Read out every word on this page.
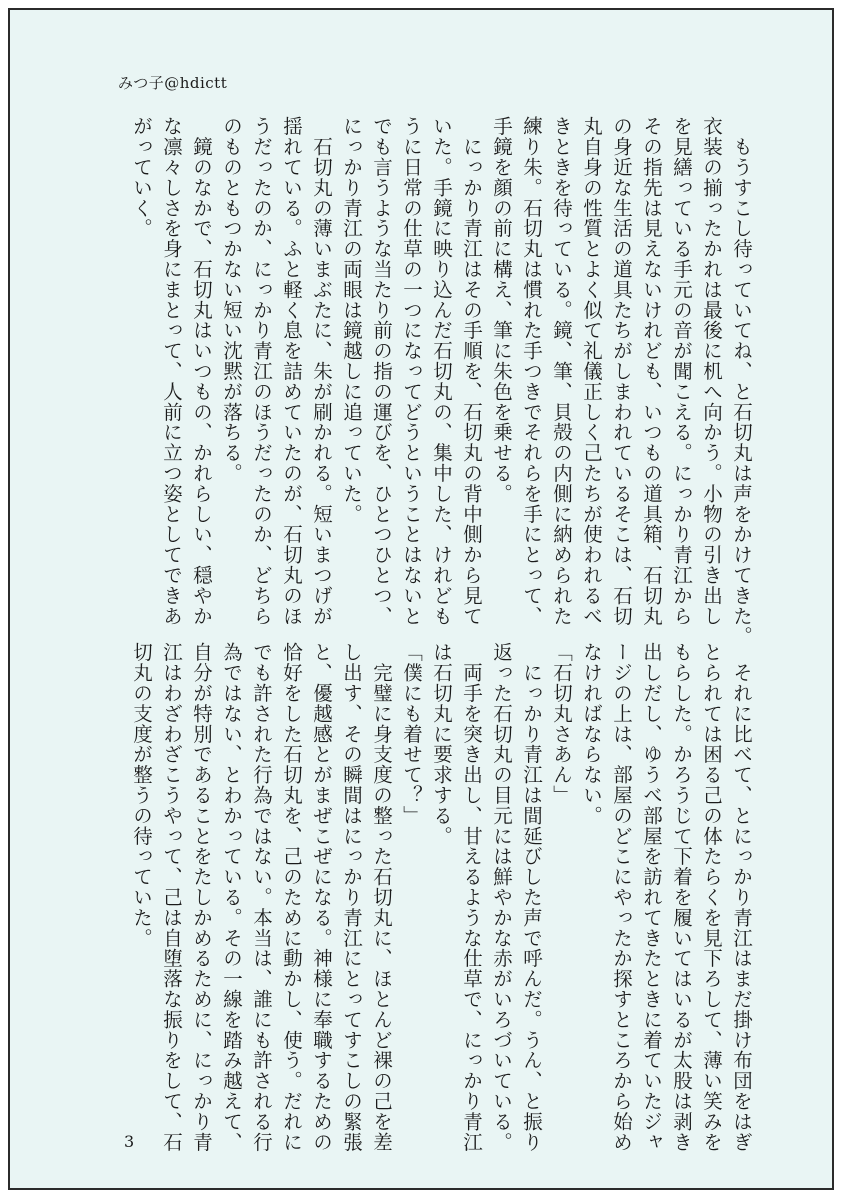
みつ子@hdictt

　もうすこし待っていてね、と石切丸は声をかけてきた。

衣装の揃ったかれは最後に机へ向かう。小物の引き出し

を見繕っている手元の音が聞こえる。にっかり青江から

その指先は見えないけれども、いつもの道具箱、石切丸

の身近な生活の道具たちがしまわれているそこは、石切

丸自身の性質とよく似て礼儀正しく己たちが使われるべ

きときを待っている。鏡、筆、貝殻の内側に納められた

練り朱。石切丸は慣れた手つきでそれらを手にとって、

手鏡を顔の前に構え、筆に朱色を乗せる。

　にっかり青江はその手順を、石切丸の背中側から見て

いた。手鏡に映り込んだ石切丸の、集中した、けれども

うに日常の仕草の一つになってどうということはないと

でも言うような当たり前の指の運びを、ひとつひとつ、

にっかり青江の両眼は鏡越しに追っていた。

　石切丸の薄いまぶたに、朱が刷かれる。短いまつげが

揺れている。ふと軽く息を詰めていたのが、石切丸のほ

うだったのか、にっかり青江のほうだったのか、どちら

のものともつかない短い沈黙が落ちる。

　鏡のなかで、石切丸はいつもの、かれらしい、穏やか

な凛々しさを身にまとって、人前に立つ姿としてできあ

がっていく。

　それに比べて、とにっかり青江はまだ掛け布団をはぎ

とられては困る己の体たらくを見下ろして、薄い笑みを

もらした。かろうじて下着を履いてはいるが太股は剥き

出しだし、ゆうべ部屋を訪れてきたときに着ていたジャ

ージの上は、部屋のどこにやったか探すところから始め

なければならない。

「石切丸さあん」

　にっかり青江は間延びした声で呼んだ。うん、と振り

返った石切丸の目元には鮮やかな赤がいろづいている。

　両手を突き出し、甘えるような仕草で、にっかり青江

は石切丸に要求する。

「僕にも着せて？」

　完璧に身支度の整った石切丸に、ほとんど裸の己を差

し出す、その瞬間はにっかり青江にとってすこしの緊張

と、優越感とがまぜこぜになる。神様に奉職するための

恰好をした石切丸を、己のために動かし、使う。だれに

でも許された行為ではない。本当は、誰にも許される行

為ではない、とわかっている。その一線を踏み越えて、

自分が特別であることをたしかめるために、にっかり青

江はわざわざこうやって、己は自堕落な振りをして、石

切丸の支度が整うの待っていた。

3
